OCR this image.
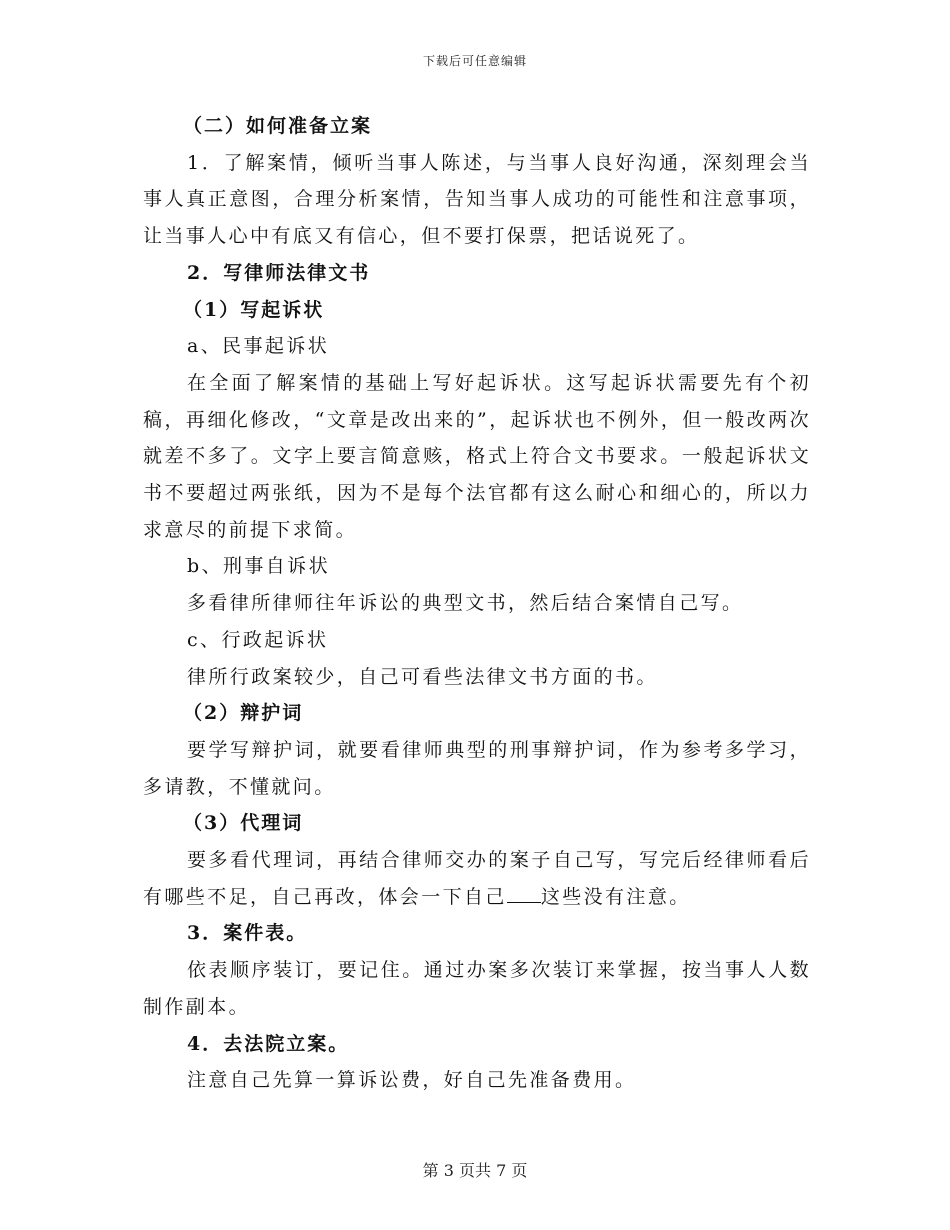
下载后可任意编辑

（二）如何准备立案

1．了解案情，倾听当事人陈述，与当事人良好沟通，深刻理会当事人真正意图，合理分析案情，告知当事人成功的可能性和注意事项，让当事人心中有底又有信心，但不要打保票，把话说死了。

2．写律师法律文书

（1）写起诉状

a、民事起诉状

在全面了解案情的基础上写好起诉状。这写起诉状需要先有个初稿，再细化修改，“文章是改出来的”，起诉状也不例外，但一般改两次就差不多了。文字上要言简意赅，格式上符合文书要求。一般起诉状文书不要超过两张纸，因为不是每个法官都有这么耐心和细心的，所以力求意尽的前提下求简。

b、刑事自诉状

多看律所律师往年诉讼的典型文书，然后结合案情自己写。

c、行政起诉状

律所行政案较少，自己可看些法律文书方面的书。

（2）辩护词

要学写辩护词，就要看律师典型的刑事辩护词，作为参考多学习，多请教，不懂就问。

（3）代理词

要多看代理词，再结合律师交办的案子自己写，写完后经律师看后有哪些不足，自己再改，体会一下自己 这些没有注意。

3．案件表。

依表顺序装订，要记住。通过办案多次装订来掌握，按当事人人数制作副本。

4．去法院立案。

注意自己先算一算诉讼费，好自己先准备费用。

第 3 页共 7 页
